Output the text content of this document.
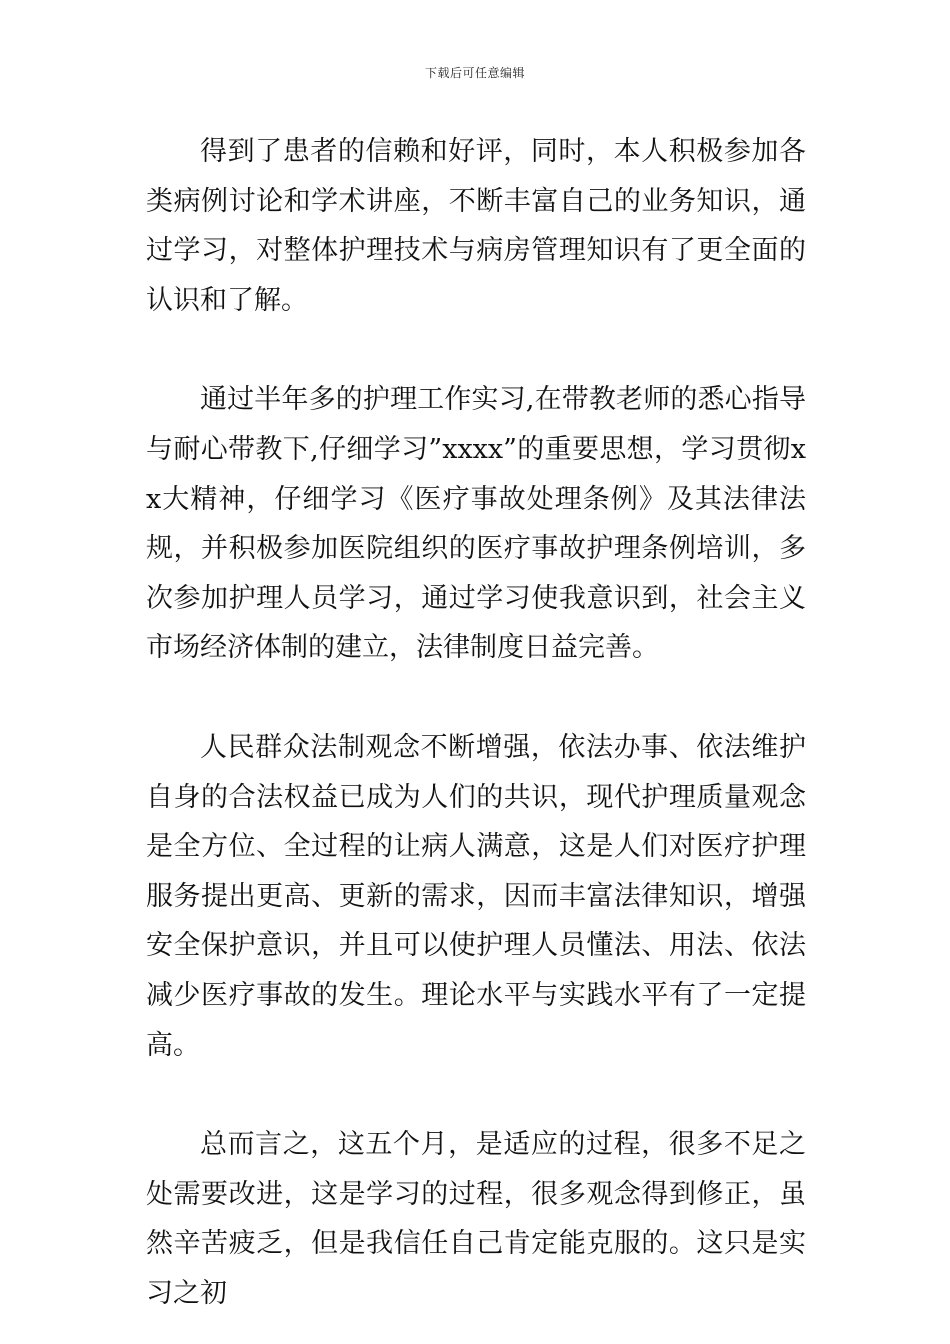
下载后可任意编辑

得到了患者的信赖和好评，同时，本人积极参加各类病例讨论和学术讲座，不断丰富自己的业务知识，通过学习，对整体护理技术与病房管理知识有了更全面的认识和了解。

通过半年多的护理工作实习,在带教老师的悉心指导与耐心带教下,仔细学习”xxxx”的重要思想，学习贯彻xx大精神，仔细学习《医疗事故处理条例》及其法律法规，并积极参加医院组织的医疗事故护理条例培训，多次参加护理人员学习，通过学习使我意识到，社会主义市场经济体制的建立，法律制度日益完善。

人民群众法制观念不断增强，依法办事、依法维护自身的合法权益已成为人们的共识，现代护理质量观念是全方位、全过程的让病人满意，这是人们对医疗护理服务提出更高、更新的需求，因而丰富法律知识，增强安全保护意识，并且可以使护理人员懂法、用法、依法减少医疗事故的发生。理论水平与实践水平有了一定提高。

总而言之，这五个月，是适应的过程，很多不足之处需要改进，这是学习的过程，很多观念得到修正，虽然辛苦疲乏，但是我信任自己肯定能克服的。这只是实习之初
